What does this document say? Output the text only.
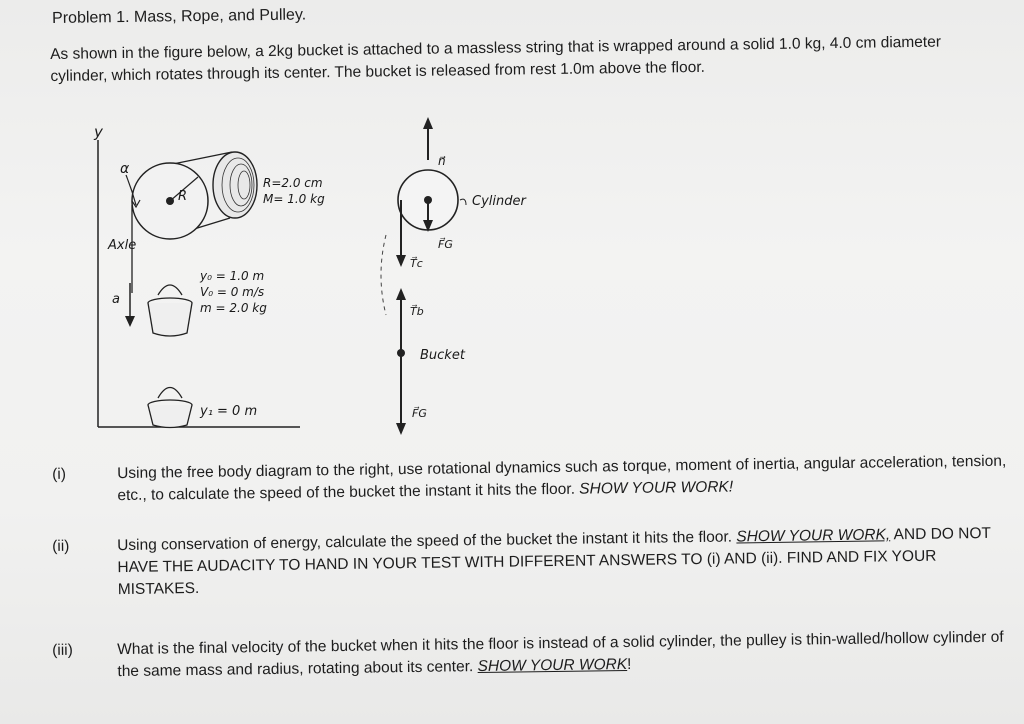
Problem 1. Mass, Rope, and Pulley.
As shown in the figure below, a 2kg bucket is attached to a massless string that is wrapped around a solid 1.0 kg, 4.0 cm diameter cylinder, which rotates through its center. The bucket is released from rest 1.0m above the floor.
y
α
R
R=2.0 cm
M= 1.0 kg
Axle
a
y₀ = 1.0 m
V₀ = 0 m/s
m = 2.0 kg
y₁ = 0 m
n⃗
Cylinder
F⃗G
T⃗c
T⃗b
Bucket
F⃗G
(i)	Using the free body diagram to the right, use rotational dynamics such as torque, moment of inertia, angular acceleration, tension, etc., to calculate the speed of the bucket the instant it hits the floor. SHOW YOUR WORK!
(ii)	Using conservation of energy, calculate the speed of the bucket the instant it hits the floor. SHOW YOUR WORK, AND DO NOT HAVE THE AUDACITY TO HAND IN YOUR TEST WITH DIFFERENT ANSWERS TO (i) AND (ii). FIND AND FIX YOUR MISTAKES.
(iii)	What is the final velocity of the bucket when it hits the floor is instead of a solid cylinder, the pulley is thin-walled/hollow cylinder of the same mass and radius, rotating about its center. SHOW YOUR WORK!
